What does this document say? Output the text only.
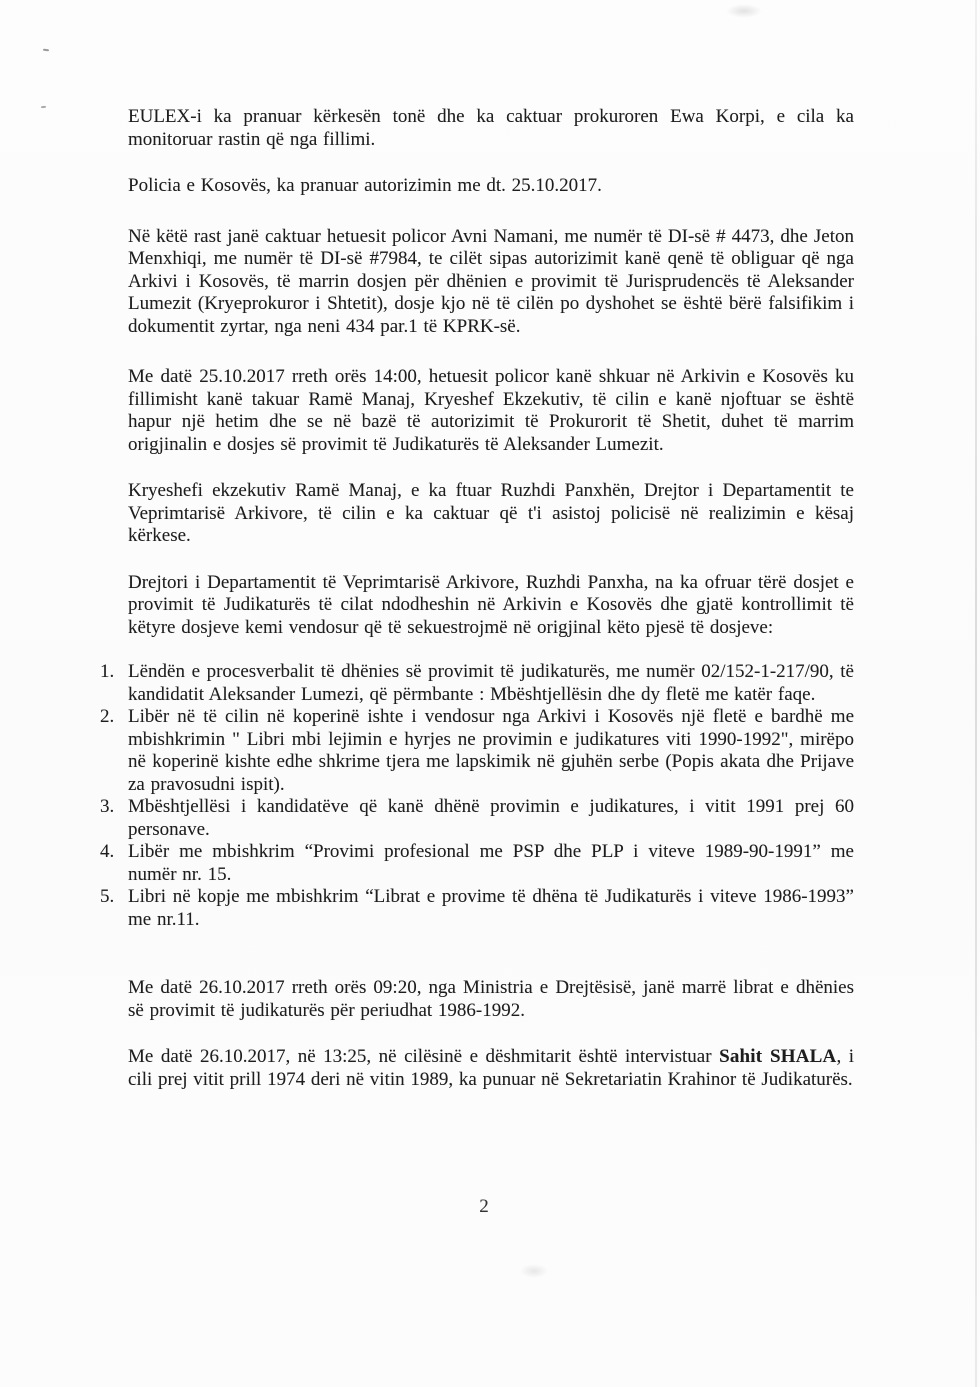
EULEX-i ka pranuar kërkesën tonë dhe ka caktuar prokuroren Ewa Korpi, e cila ka monitoruar rastin që nga fillimi.

Policia e Kosovës, ka pranuar autorizimin me dt. 25.10.2017.

Në këtë rast janë caktuar hetuesit policor Avni Namani, me numër të DI-së # 4473, dhe Jeton Menxhiqi, me numër të DI-së #7984, te cilët sipas autorizimit kanë qenë të obliguar që nga Arkivi i Kosovës, të marrin dosjen për dhënien e provimit të Jurisprudencës të Aleksander Lumezit (Kryeprokuror i Shtetit), dosje kjo në të cilën po dyshohet se është bërë falsifikim i dokumentit zyrtar, nga neni 434 par.1 të KPRK-së.

Me datë 25.10.2017 rreth orës 14:00, hetuesit policor kanë shkuar në Arkivin e Kosovës ku fillimisht kanë takuar Ramë Manaj, Kryeshef Ekzekutiv, të cilin e kanë njoftuar se është hapur një hetim dhe se në bazë të autorizimit të Prokurorit të Shetit, duhet të marrim origjinalin e dosjes së provimit të Judikaturës të Aleksander Lumezit.

Kryeshefi ekzekutiv Ramë Manaj, e ka ftuar Ruzhdi Panxhën, Drejtor i Departamentit te Veprimtarisë Arkivore, të cilin e ka caktuar që t'i asistoj policisë në realizimin e kësaj kërkese.

Drejtori i Departamentit të Veprimtarisë Arkivore, Ruzhdi Panxha, na ka ofruar tërë dosjet e provimit të Judikaturës të cilat ndodheshin në Arkivin e Kosovës dhe gjatë kontrollimit të këtyre dosjeve kemi vendosur që të sekuestrojmë në origjinal këto pjesë të dosjeve:

1. Lëndën e procesverbalit të dhënies së provimit të judikaturës, me numër 02/152-1-217/90, të kandidatit Aleksander Lumezi, që përmbante : Mbështjellësin dhe dy fletë me katër faqe.
2. Libër në të cilin në koperinë ishte i vendosur nga Arkivi i Kosovës një fletë e bardhë me mbishkrimin " Libri mbi lejimin e hyrjes ne provimin e judikatures viti 1990-1992", mirëpo në koperinë kishte edhe shkrime tjera me lapskimik në gjuhën serbe (Popis akata dhe Prijave za pravosudni ispit).
3. Mbështjellësi i kandidatëve që kanë dhënë provimin e judikatures, i vitit 1991 prej 60 personave.
4. Libër me mbishkrim “Provimi profesional me PSP dhe PLP i viteve 1989-90-1991” me numër nr. 15.
5. Libri në kopje me mbishkrim “Librat e provime të dhëna të Judikaturës i viteve 1986-1993” me nr.11.

Me datë 26.10.2017 rreth orës 09:20, nga Ministria e Drejtësisë, janë marrë librat e dhënies së provimit të judikaturës për periudhat 1986-1992.

Me datë 26.10.2017, në 13:25, në cilësinë e dëshmitarit është intervistuar Sahit SHALA, i cili prej vitit prill 1974 deri në vitin 1989, ka punuar në Sekretariatin Krahinor të Judikaturës.

2
